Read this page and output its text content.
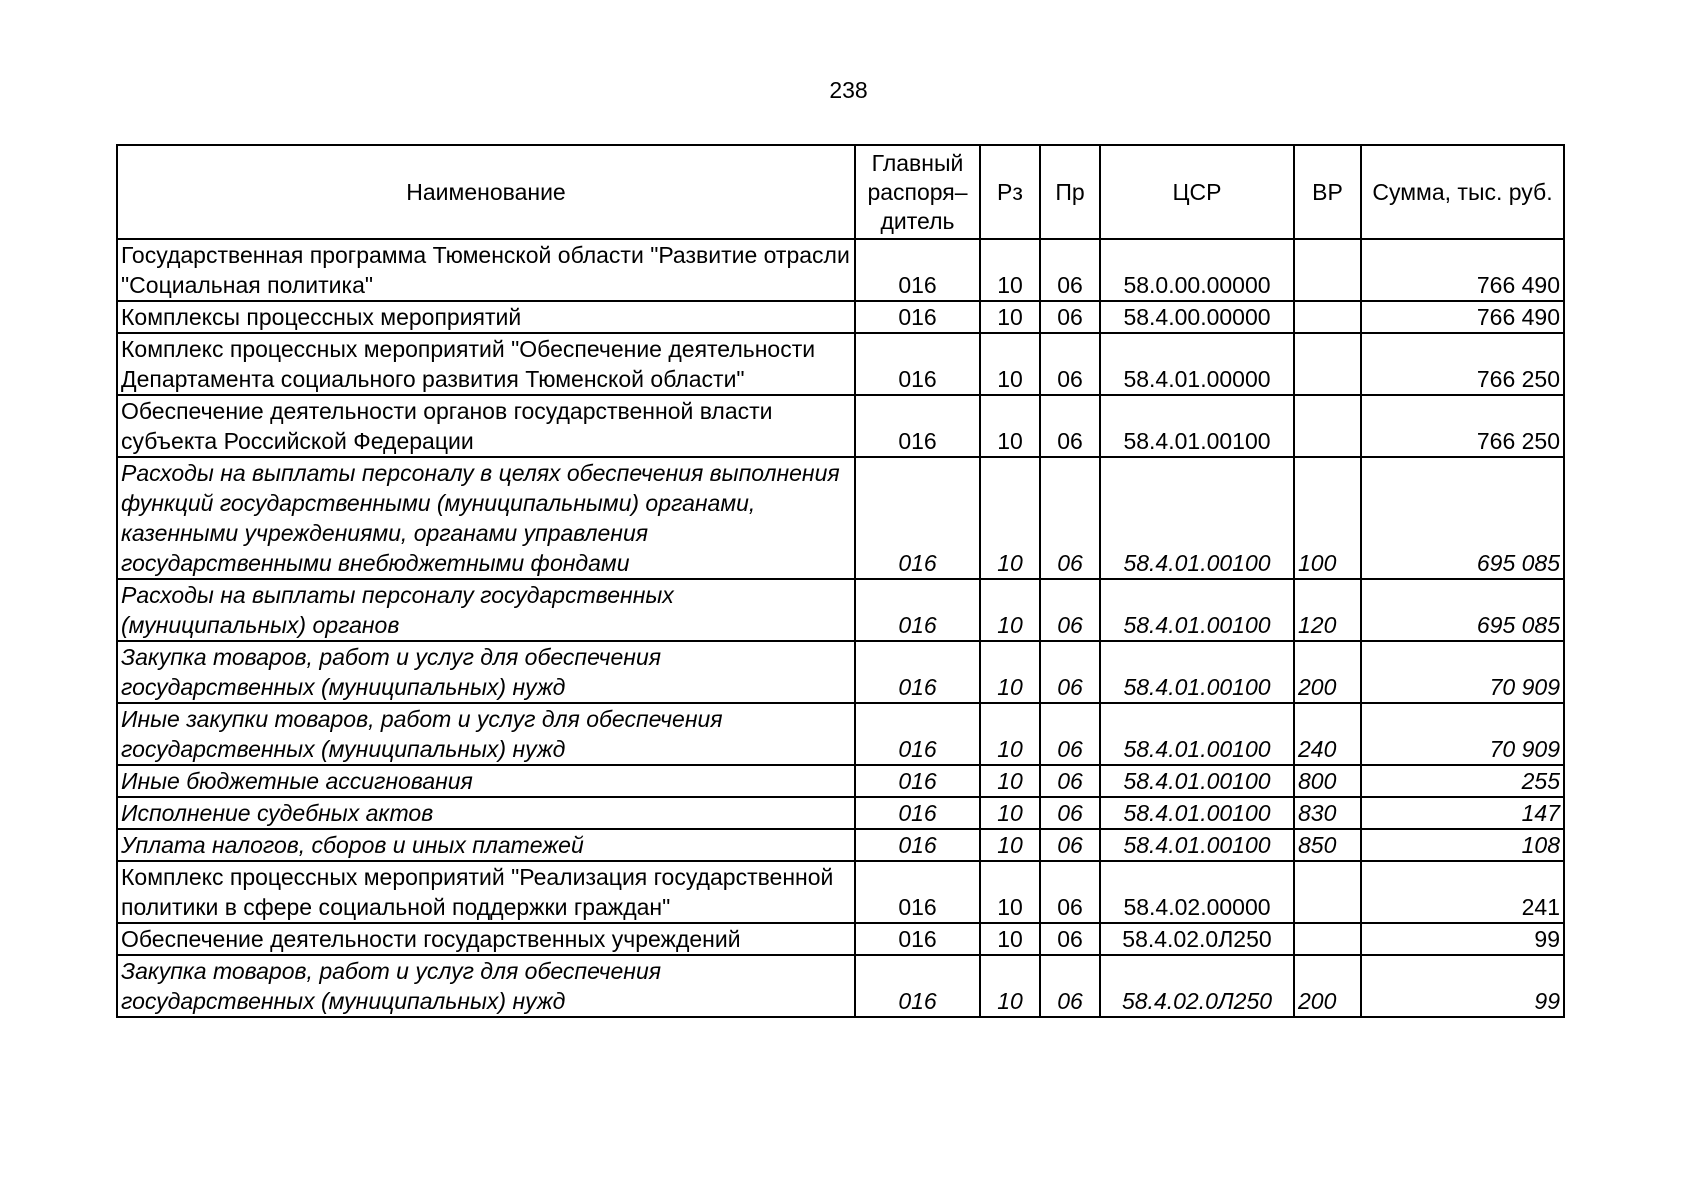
238
Наименование	Главный распоря– дитель	Рз	Пр	ЦСР	ВР	Сумма, тыс. руб.
Государственная программа Тюменской области "Развитие отрасли "Социальная политика"	016	10	06	58.0.00.00000		766 490
Комплексы процессных мероприятий	016	10	06	58.4.00.00000		766 490
Комплекс процессных мероприятий "Обеспечение деятельности Департамента социального развития Тюменской области"	016	10	06	58.4.01.00000		766 250
Обеспечение деятельности органов государственной власти субъекта Российской Федерации	016	10	06	58.4.01.00100		766 250
Расходы на выплаты персоналу в целях обеспечения выполнения функций государственными (муниципальными) органами, казенными учреждениями, органами управления государственными внебюджетными фондами	016	10	06	58.4.01.00100	100	695 085
Расходы на выплаты персоналу государственных (муниципальных) органов	016	10	06	58.4.01.00100	120	695 085
Закупка товаров, работ и услуг для обеспечения государственных (муниципальных) нужд	016	10	06	58.4.01.00100	200	70 909
Иные закупки товаров, работ и услуг для обеспечения государственных (муниципальных) нужд	016	10	06	58.4.01.00100	240	70 909
Иные бюджетные ассигнования	016	10	06	58.4.01.00100	800	255
Исполнение судебных актов	016	10	06	58.4.01.00100	830	147
Уплата налогов, сборов и иных платежей	016	10	06	58.4.01.00100	850	108
Комплекс процессных мероприятий "Реализация государственной политики в сфере социальной поддержки граждан"	016	10	06	58.4.02.00000		241
Обеспечение деятельности государственных учреждений	016	10	06	58.4.02.0Л250		99
Закупка товаров, работ и услуг для обеспечения государственных (муниципальных) нужд	016	10	06	58.4.02.0Л250	200	99
